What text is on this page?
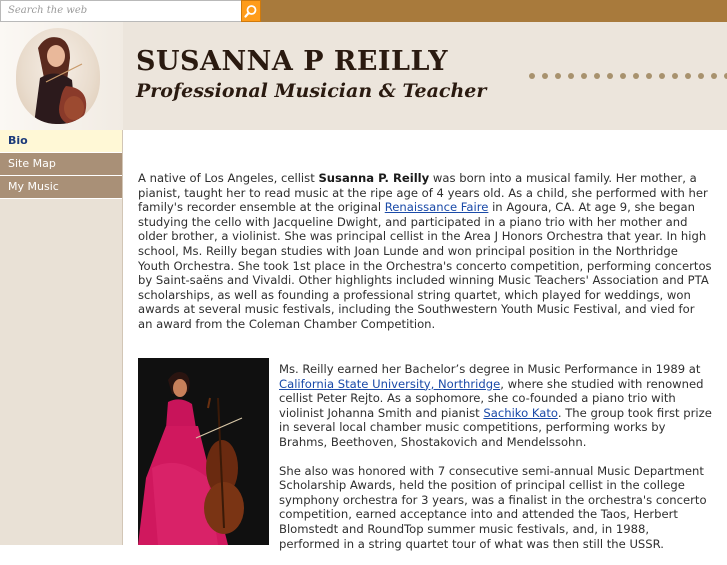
Search the web
SUSANNA P REILLY
Professional Musician & Teacher
Bio
Site Map
My Music

A native of Los Angeles, cellist Susanna P. Reilly was born into a musical family. Her mother, a pianist, taught her to read music at the ripe age of 4 years old. As a child, she performed with her family's recorder ensemble at the original Renaissance Faire in Agoura, CA. At age 9, she began studying the cello with Jacqueline Dwight, and participated in a piano trio with her mother and older brother, a violinist. She was principal cellist in the Area J Honors Orchestra that year. In high school, Ms. Reilly began studies with Joan Lunde and won principal position in the Northridge Youth Orchestra. She took 1st place in the Orchestra's concerto competition, performing concertos by Saint-saëns and Vivaldi. Other highlights included winning Music Teachers' Association and PTA scholarships, as well as founding a professional string quartet, which played for weddings, won awards at several music festivals, including the Southwestern Youth Music Festival, and vied for an award from the Coleman Chamber Competition.

Ms. Reilly earned her Bachelor’s degree in Music Performance in 1989 at California State University, Northridge, where she studied with renowned cellist Peter Rejto. As a sophomore, she co-founded a piano trio with violinist Johanna Smith and pianist Sachiko Kato. The group took first prize in several local chamber music competitions, performing works by Brahms, Beethoven, Shostakovich and Mendelssohn.

She also was honored with 7 consecutive semi-annual Music Department Scholarship Awards, held the position of principal cellist in the college symphony orchestra for 3 years, was a finalist in the orchestra's concerto competition, earned acceptance into and attended the Taos, Herbert Blomstedt and RoundTop summer music festivals, and, in 1988, performed in a string quartet tour of what was then still the USSR.
